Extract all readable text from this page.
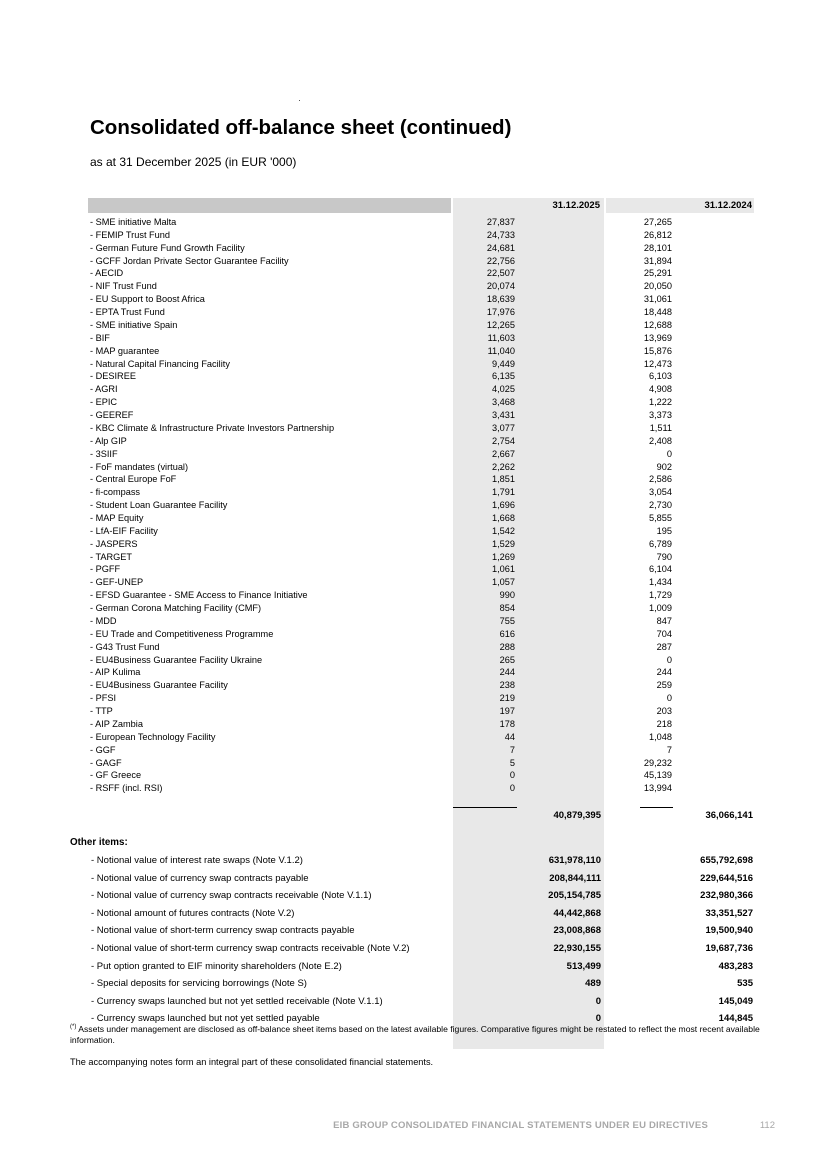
Consolidated off-balance sheet (continued)
as at 31 December 2025 (in EUR '000)
31.12.2025	31.12.2024
- SME initiative Malta	27,837	27,265
- FEMIP Trust Fund	24,733	26,812
- German Future Fund Growth Facility	24,681	28,101
- GCFF Jordan Private Sector Guarantee Facility	22,756	31,894
- AECID	22,507	25,291
- NIF Trust Fund	20,074	20,050
- EU Support to Boost Africa	18,639	31,061
- EPTA Trust Fund	17,976	18,448
- SME initiative Spain	12,265	12,688
- BIF	11,603	13,969
- MAP guarantee	11,040	15,876
- Natural Capital Financing Facility	9,449	12,473
- DESIREE	6,135	6,103
- AGRI	4,025	4,908
- EPIC	3,468	1,222
- GEEREF	3,431	3,373
- KBC Climate & Infrastructure Private Investors Partnership	3,077	1,511
- Alp GIP	2,754	2,408
- 3SIIF	2,667	0
- FoF mandates (virtual)	2,262	902
- Central Europe FoF	1,851	2,586
- fi-compass	1,791	3,054
- Student Loan Guarantee Facility	1,696	2,730
- MAP Equity	1,668	5,855
- LfA-EIF Facility	1,542	195
- JASPERS	1,529	6,789
- TARGET	1,269	790
- PGFF	1,061	6,104
- GEF-UNEP	1,057	1,434
- EFSD Guarantee - SME Access to Finance Initiative	990	1,729
- German Corona Matching Facility (CMF)	854	1,009
- MDD	755	847
- EU Trade and Competitiveness Programme	616	704
- G43 Trust Fund	288	287
- EU4Business Guarantee Facility Ukraine	265	0
- AIP Kulima	244	244
- EU4Business Guarantee Facility	238	259
- PFSI	219	0
- TTP	197	203
- AIP Zambia	178	218
- European Technology Facility	44	1,048
- GGF	7	7
- GAGF	5	29,232
- GF Greece	0	45,139
- RSFF (incl. RSI)	0	13,994
40,879,395	36,066,141
Other items:
- Notional value of interest rate swaps (Note V.1.2)	631,978,110	655,792,698
- Notional value of currency swap contracts payable	208,844,111	229,644,516
- Notional value of currency swap contracts receivable (Note V.1.1)	205,154,785	232,980,366
- Notional amount of futures contracts (Note V.2)	44,442,868	33,351,527
- Notional value of short-term currency swap contracts payable	23,008,868	19,500,940
- Notional value of short-term currency swap contracts receivable (Note V.2)	22,930,155	19,687,736
- Put option granted to EIF minority shareholders (Note E.2)	513,499	483,283
- Special deposits for servicing borrowings (Note S)	489	535
- Currency swaps launched but not yet settled receivable (Note V.1.1)	0	145,049
- Currency swaps launched but not yet settled payable	0	144,845
(*) Assets under management are disclosed as off-balance sheet items based on the latest available figures. Comparative figures might be restated to reflect the most recent available information.
The accompanying notes form an integral part of these consolidated financial statements.
EIB GROUP CONSOLIDATED FINANCIAL STATEMENTS UNDER EU DIRECTIVES	112
